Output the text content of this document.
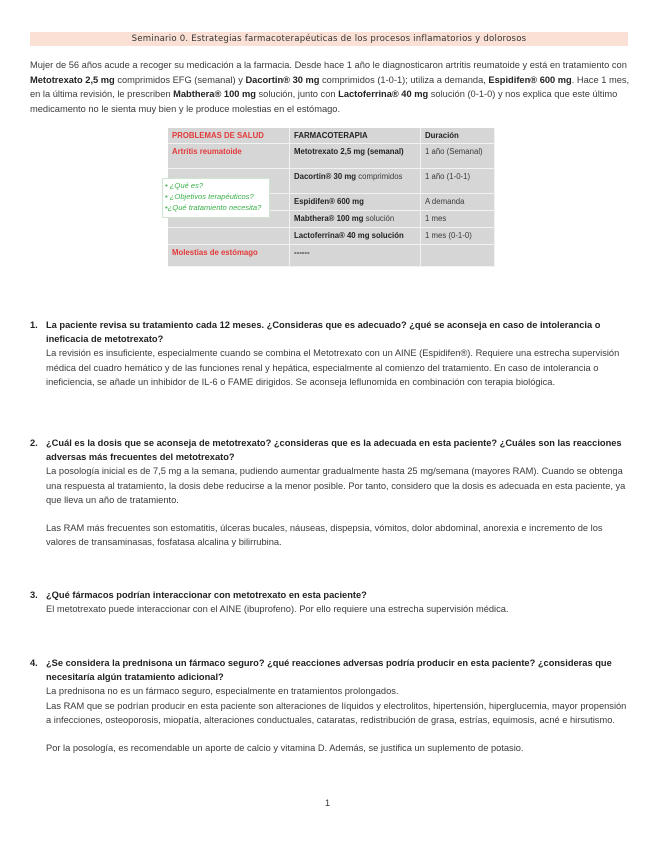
Seminario 0. Estrategias farmacoterapéuticas de los procesos inflamatorios y dolorosos
Mujer de 56 años acude a recoger su medicación a la farmacia. Desde hace 1 año le diagnosticaron artritis reumatoide y está en tratamiento con Metotrexato 2,5 mg comprimidos EFG (semanal) y Dacortin® 30 mg comprimidos (1-0-1); utiliza a demanda, Espidifen® 600 mg. Hace 1 mes, en la última revisión, le prescriben Mabthera® 100 mg solución, junto con Lactoferrina® 40 mg solución (0-1-0) y nos explica que este último medicamento no le sienta muy bien y le produce molestias en el estómago.
PROBLEMAS DE SALUD	FARMACOTERAPIA	Duración
Artritis reumatoide	Metotrexato 2,5 mg (semanal)	1 año (Semanal)
	Dacortin® 30 mg comprimidos	1 año (1-0-1)
	Espidifen® 600 mg	A demanda
	Mabthera® 100 mg solución	1 mes
	Lactoferrina® 40 mg solución	1 mes (0-1-0)
Molestias de estómago	------	
• ¿Qué es?
• ¿Objetivos terapéuticos?
•¿Qué tratamiento necesita?
1. La paciente revisa su tratamiento cada 12 meses. ¿Consideras que es adecuado? ¿qué se aconseja en caso de intolerancia o ineficacia de metotrexato?

La revisión es insuficiente, especialmente cuando se combina el Metotrexato con un AINE (Espidifen®). Requiere una estrecha supervisión médica del cuadro hemático y de las funciones renal y hepática, especialmente al comienzo del tratamiento. En caso de intolerancia o ineficiencia, se añade un inhibidor de IL-6 o FAME dirigidos. Se aconseja leflunomida en combinación con terapia biológica.

2. ¿Cuál es la dosis que se aconseja de metotrexato? ¿consideras que es la adecuada en esta paciente? ¿Cuáles son las reacciones adversas más frecuentes del metotrexato?

La posología inicial es de 7,5 mg a la semana, pudiendo aumentar gradualmente hasta 25 mg/semana (mayores RAM). Cuando se obtenga una respuesta al tratamiento, la dosis debe reducirse a la menor posible. Por tanto, considero que la dosis es adecuada en esta paciente, ya que lleva un año de tratamiento.

Las RAM más frecuentes son estomatitis, úlceras bucales, náuseas, dispepsia, vómitos, dolor abdominal, anorexia e incremento de los valores de transaminasas, fosfatasa alcalina y bilirrubina.

3. ¿Qué fármacos podrían interaccionar con metotrexato en esta paciente?

El metotrexato puede interaccionar con el AINE (ibuprofeno). Por ello requiere una estrecha supervisión médica.

4. ¿Se considera la prednisona un fármaco seguro? ¿qué reacciones adversas podría producir en esta paciente? ¿consideras que necesitaría algún tratamiento adicional?

La prednisona no es un fármaco seguro, especialmente en tratamientos prolongados.

Las RAM que se podrían producir en esta paciente son alteraciones de líquidos y electrolitos, hipertensión, hiperglucemia, mayor propensión a infecciones, osteoporosis, miopatía, alteraciones conductuales, cataratas, redistribución de grasa, estrías, equimosis, acné e hirsutismo.

Por la posología, es recomendable un aporte de calcio y vitamina D. Además, se justifica un suplemento de potasio.

1
